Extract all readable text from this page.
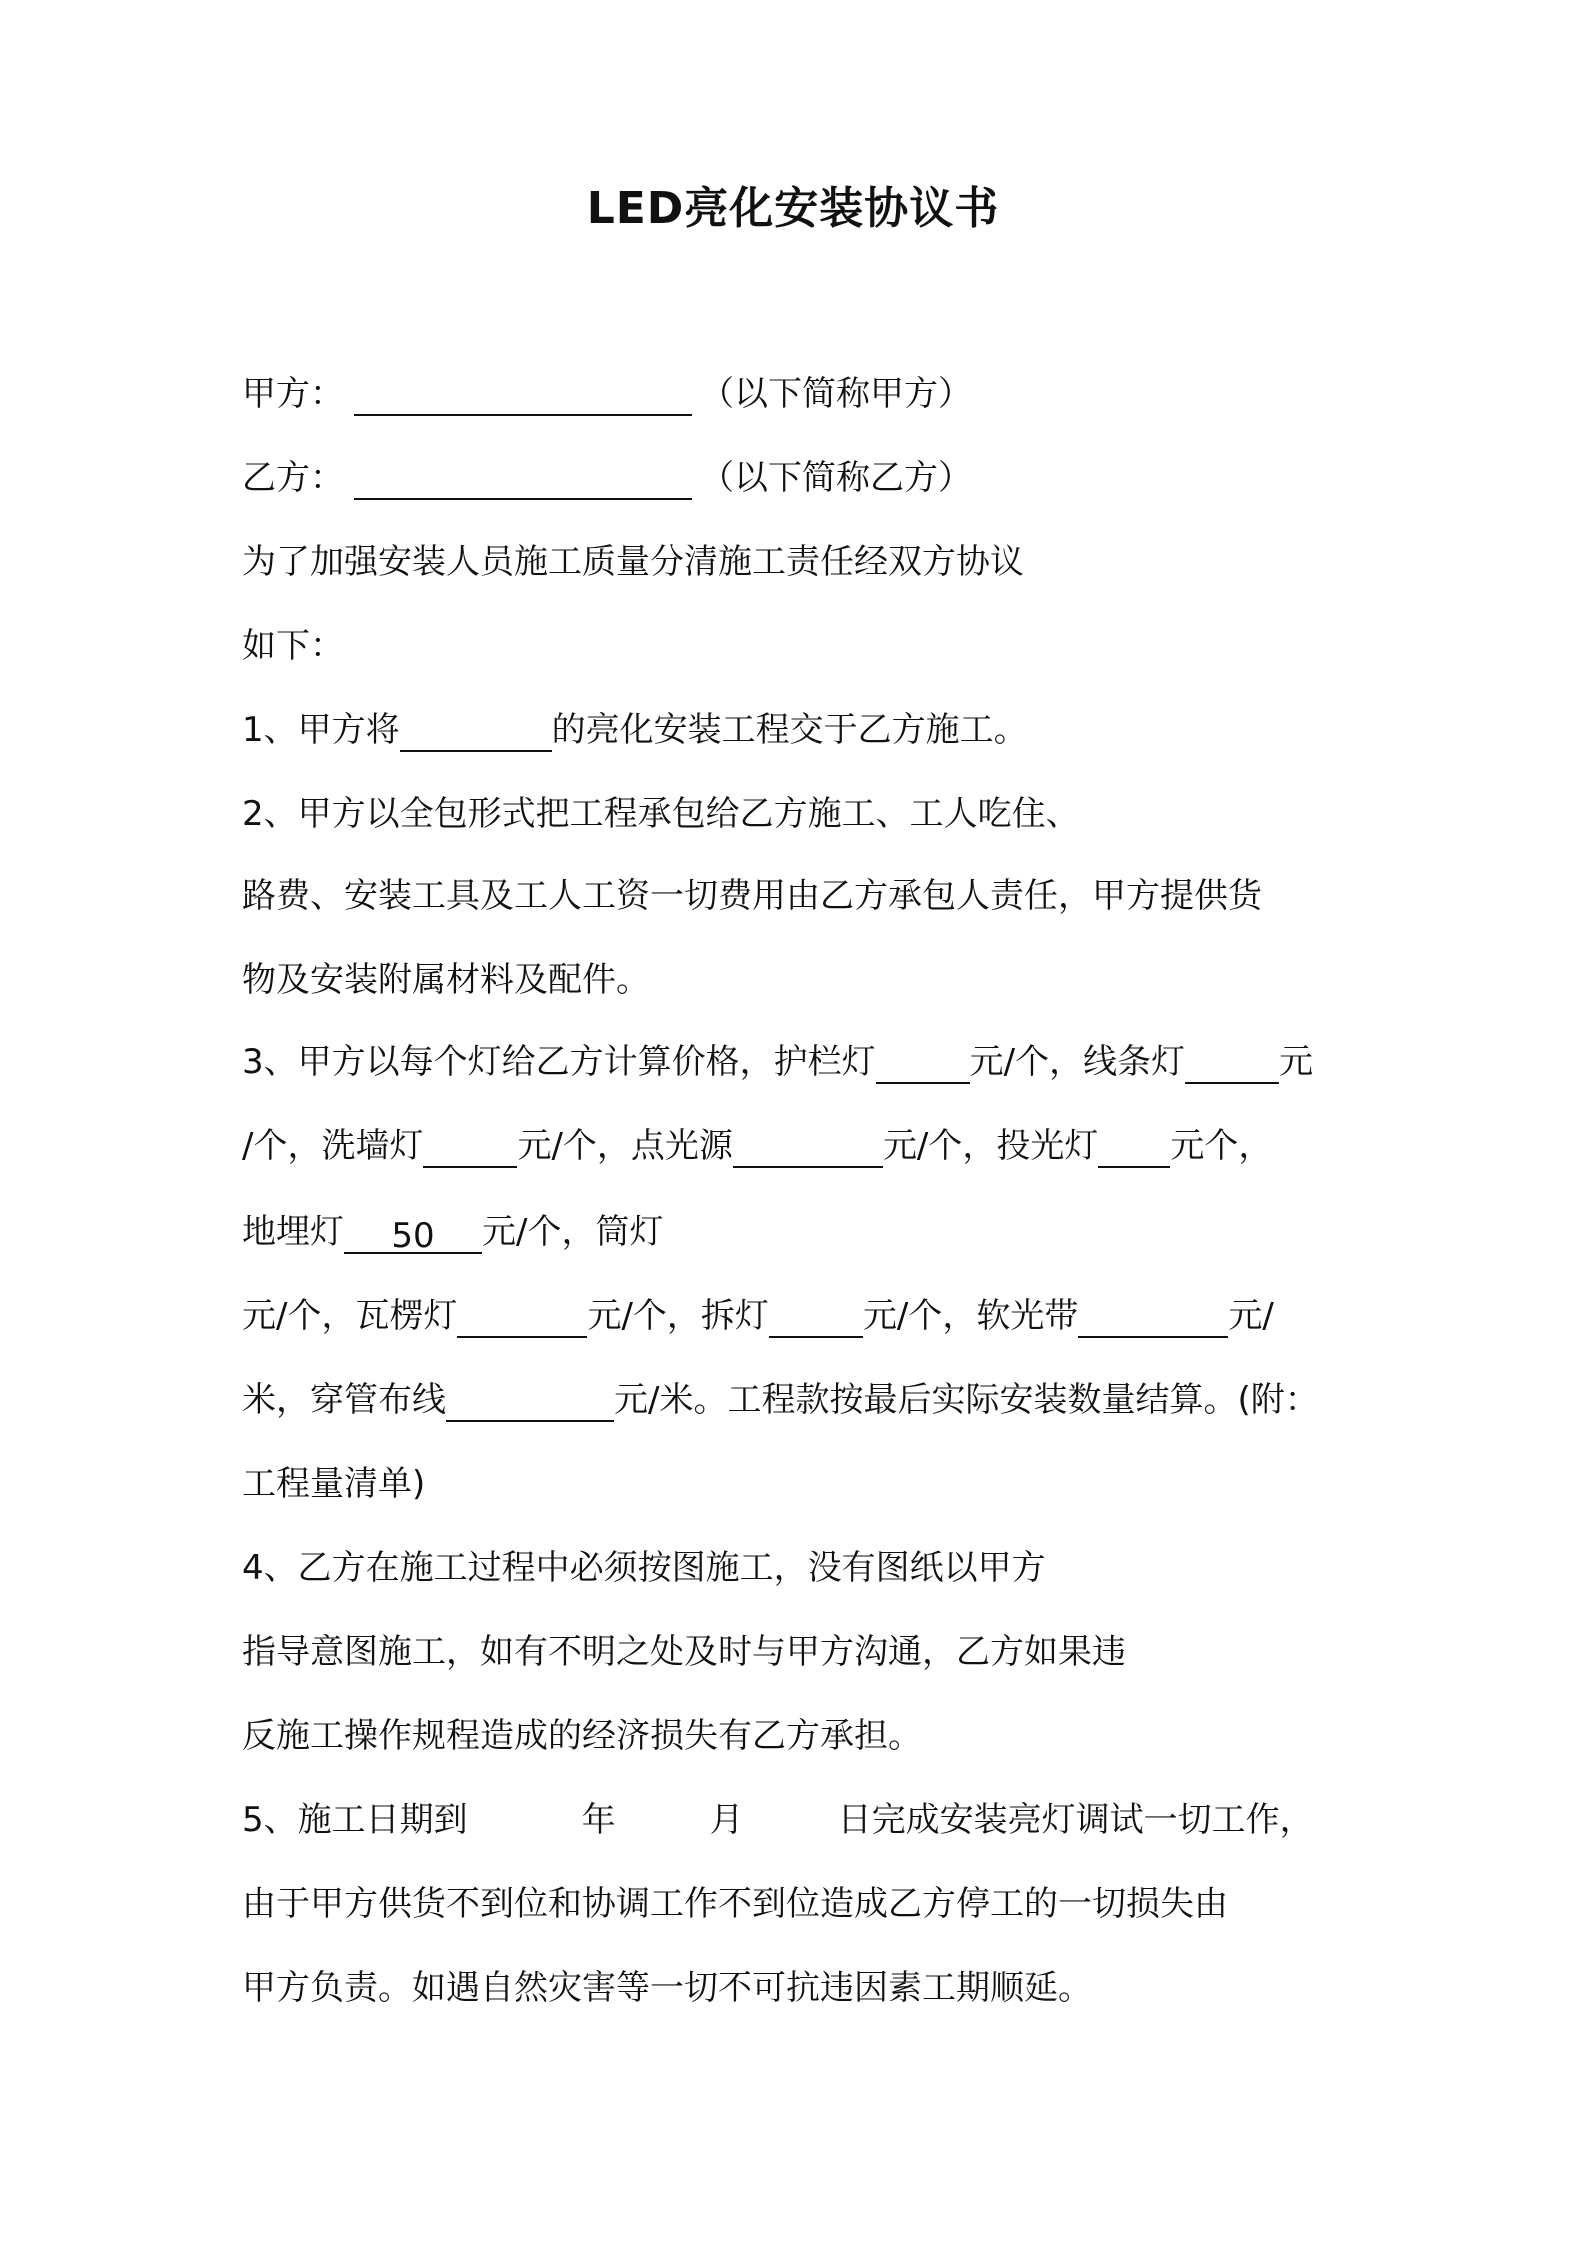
LED亮化安装协议书
甲方：	（以下简称甲方）
乙方：	（以下简称乙方）
为了加强安装人员施工质量分清施工责任经双方协议
如下：
1、甲方将	的亮化安装工程交于乙方施工。
2、甲方以全包形式把工程承包给乙方施工、工人吃住、
路费、安装工具及工人工资一切费用由乙方承包人责任，甲方提供货
物及安装附属材料及配件。
3、甲方以每个灯给乙方计算价格，护栏灯	元/个，线条灯	元
/个，洗墙灯	元/个，点光源	元/个，投光灯 元个，
地埋灯 50 元/个，筒灯
元/个，瓦楞灯	元/个，拆灯	元/个，软光带	元/
米，穿管布线	元/米。工程款按最后实际安装数量结算。(附：
工程量清单)
4、乙方在施工过程中必须按图施工，没有图纸以甲方
指导意图施工，如有不明之处及时与甲方沟通，乙方如果违
反施工操作规程造成的经济损失有乙方承担。
5、施工日期到	年	月	日完成安装亮灯调试一切工作，
由于甲方供货不到位和协调工作不到位造成乙方停工的一切损失由
甲方负责。如遇自然灾害等一切不可抗违因素工期顺延。
